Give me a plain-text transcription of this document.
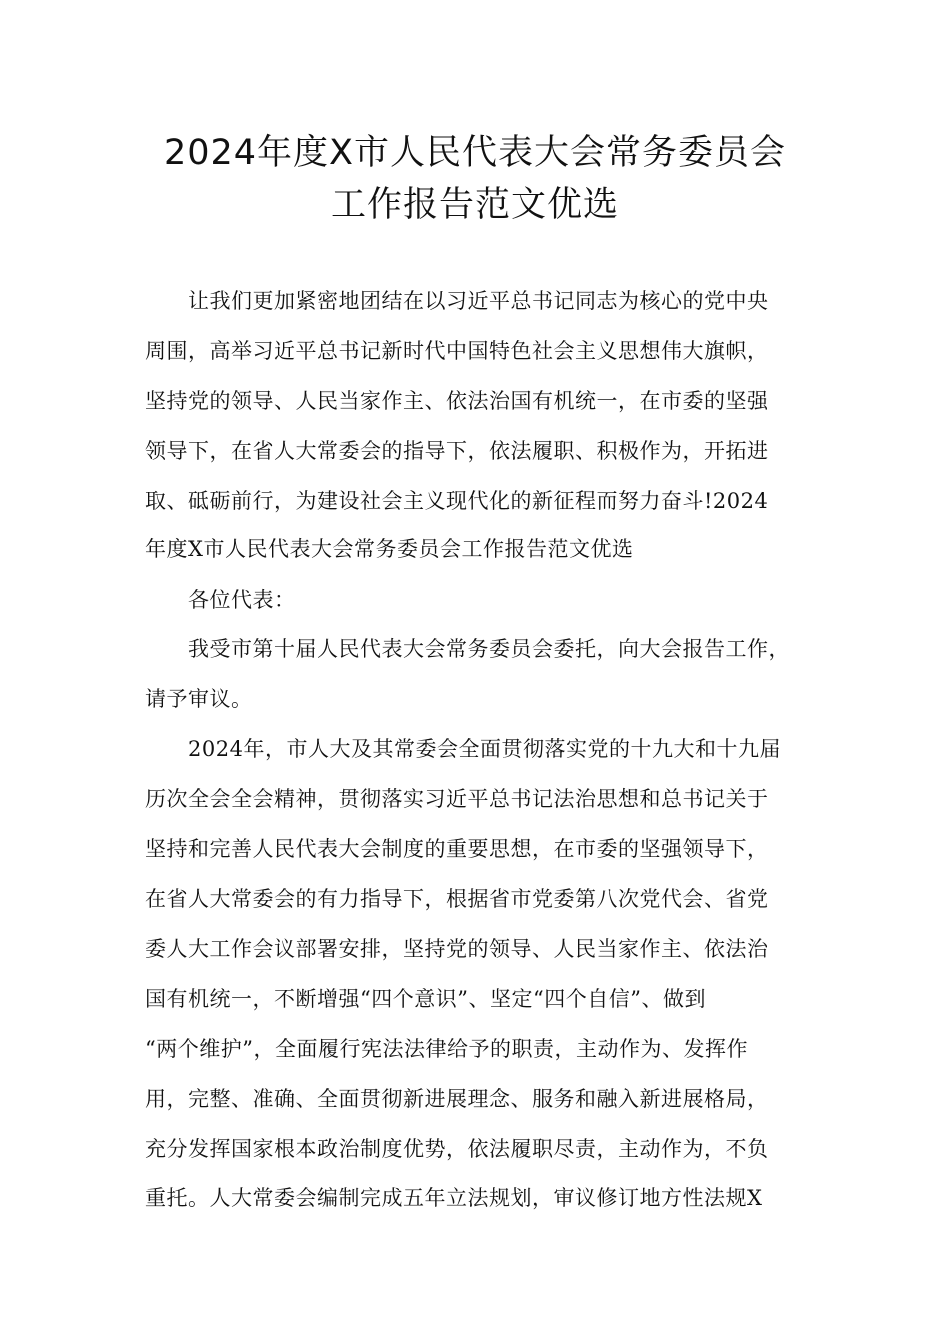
2024年度X市人民代表大会常务委员会
工作报告范文优选
让我们更加紧密地团结在以习近平总书记同志为核心的党中央
周围，高举习近平总书记新时代中国特色社会主义思想伟大旗帜，
坚持党的领导、人民当家作主、依法治国有机统一，在市委的坚强
领导下，在省人大常委会的指导下，依法履职、积极作为，开拓进
取、砥砺前行，为建设社会主义现代化的新征程而努力奋斗!2024
年度X市人民代表大会常务委员会工作报告范文优选
各位代表：
我受市第十届人民代表大会常务委员会委托，向大会报告工作，
请予审议。
2024年，市人大及其常委会全面贯彻落实党的十九大和十九届
历次全会全会精神，贯彻落实习近平总书记法治思想和总书记关于
坚持和完善人民代表大会制度的重要思想，在市委的坚强领导下，
在省人大常委会的有力指导下，根据省市党委第八次党代会、省党
委人大工作会议部署安排，坚持党的领导、人民当家作主、依法治
国有机统一，不断增强“四个意识”、坚定“四个自信”、做到
“两个维护”，全面履行宪法法律给予的职责，主动作为、发挥作
用，完整、准确、全面贯彻新进展理念、服务和融入新进展格局，
充分发挥国家根本政治制度优势，依法履职尽责，主动作为，不负
重托。人大常委会编制完成五年立法规划，审议修订地方性法规X
